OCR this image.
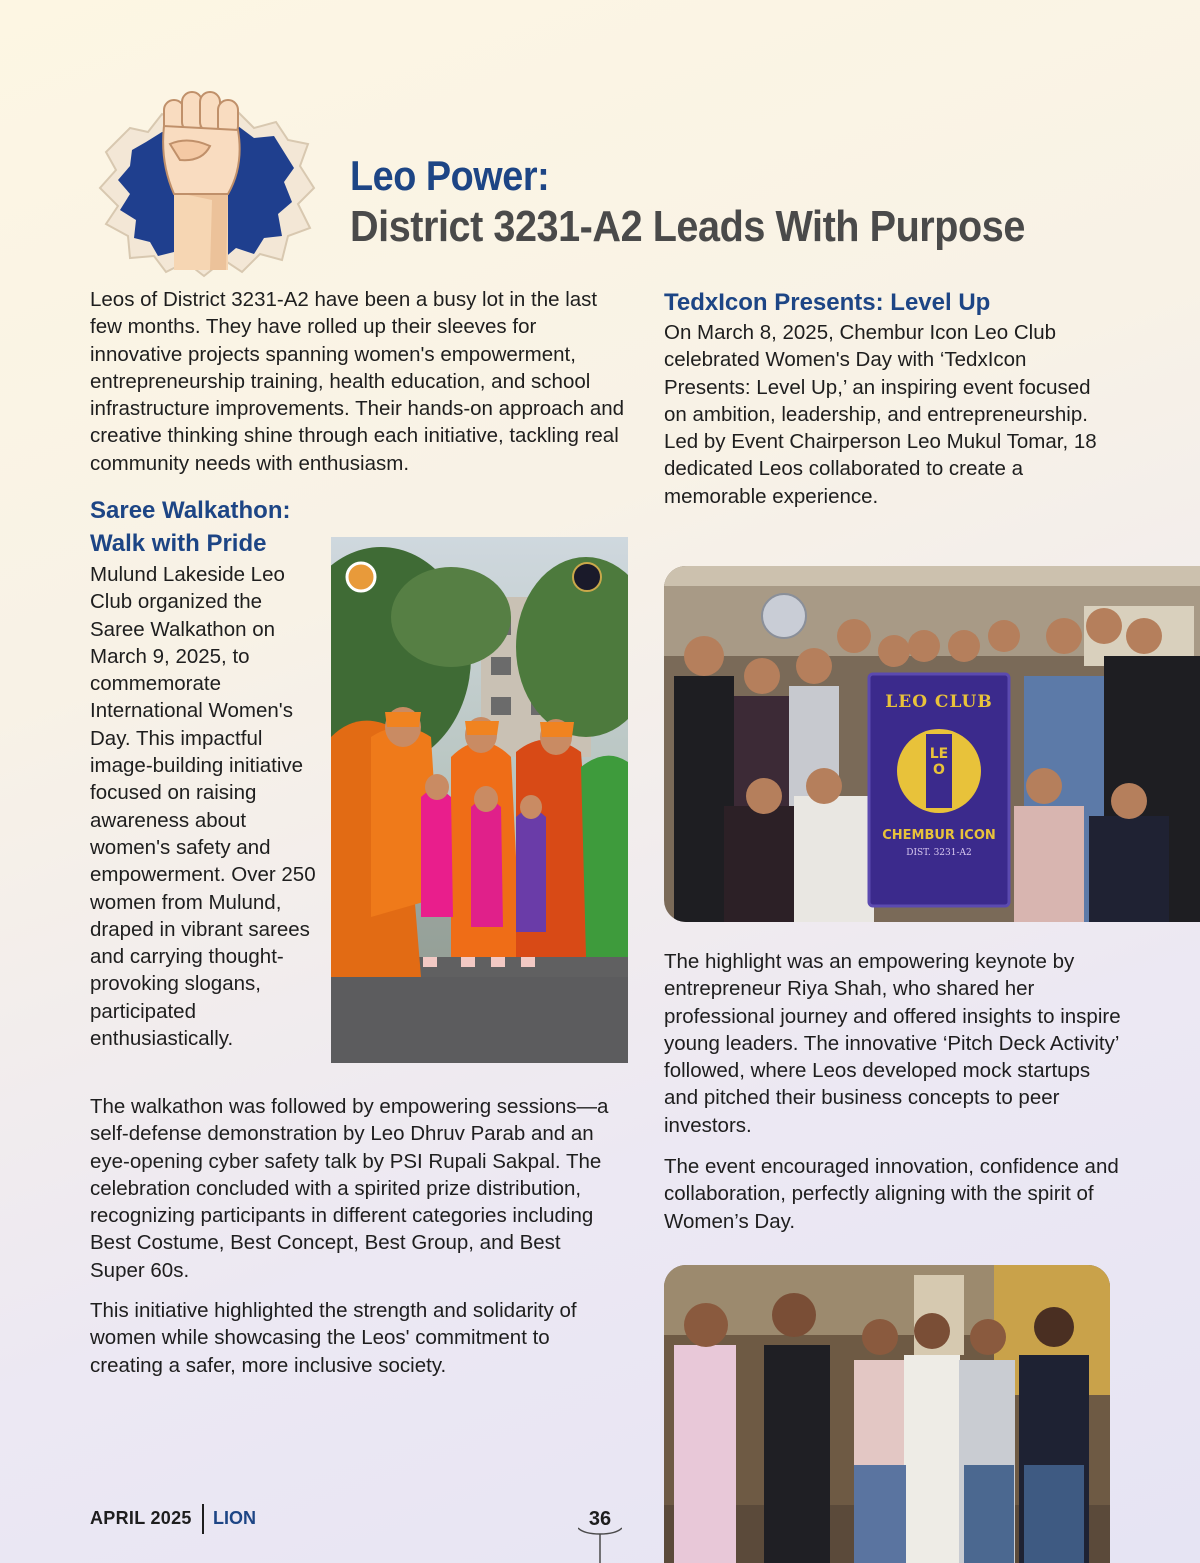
Leo Power:
District 3231-A2 Leads With Purpose

Leos of District 3231-A2 have been a busy lot in the last few months. They have rolled up their sleeves for innovative projects spanning women's empowerment, entrepreneurship training, health education, and school infrastructure improvements. Their hands-on approach and creative thinking shine through each initiative, tackling real community needs with enthusiasm.

Saree Walkathon:
Walk with Pride

Mulund Lakeside Leo Club organized the Saree Walkathon on March 9, 2025, to commemorate International Women's Day. This impactful image-building initiative focused on raising awareness about women's safety and empowerment. Over 250 women from Mulund, draped in vibrant sarees and carrying thought-provoking slogans, participated enthusiastically.

The walkathon was followed by empowering sessions—a self-defense demonstration by Leo Dhruv Parab and an eye-opening cyber safety talk by PSI Rupali Sakpal. The celebration concluded with a spirited prize distribution, recognizing participants in different categories including Best Costume, Best Concept, Best Group, and Best Super 60s.

This initiative highlighted the strength and solidarity of women while showcasing the Leos' commitment to creating a safer, more inclusive society.

TedxIcon Presents: Level Up

On March 8, 2025, Chembur Icon Leo Club celebrated Women's Day with ‘TedxIcon Presents: Level Up,’ an inspiring event focused on ambition, leadership, and entrepreneurship. Led by Event Chairperson Leo Mukul Tomar, 18 dedicated Leos collaborated to create a memorable experience.

LEO CLUB
LEO
CHEMBUR ICON
DIST. 3231-A2

The highlight was an empowering keynote by entrepreneur Riya Shah, who shared her professional journey and offered insights to inspire young leaders. The innovative ‘Pitch Deck Activity’ followed, where Leos developed mock startups and pitched their business concepts to peer investors.

The event encouraged innovation, confidence and collaboration, perfectly aligning with the spirit of Women’s Day.

APRIL 2025 LION	36
